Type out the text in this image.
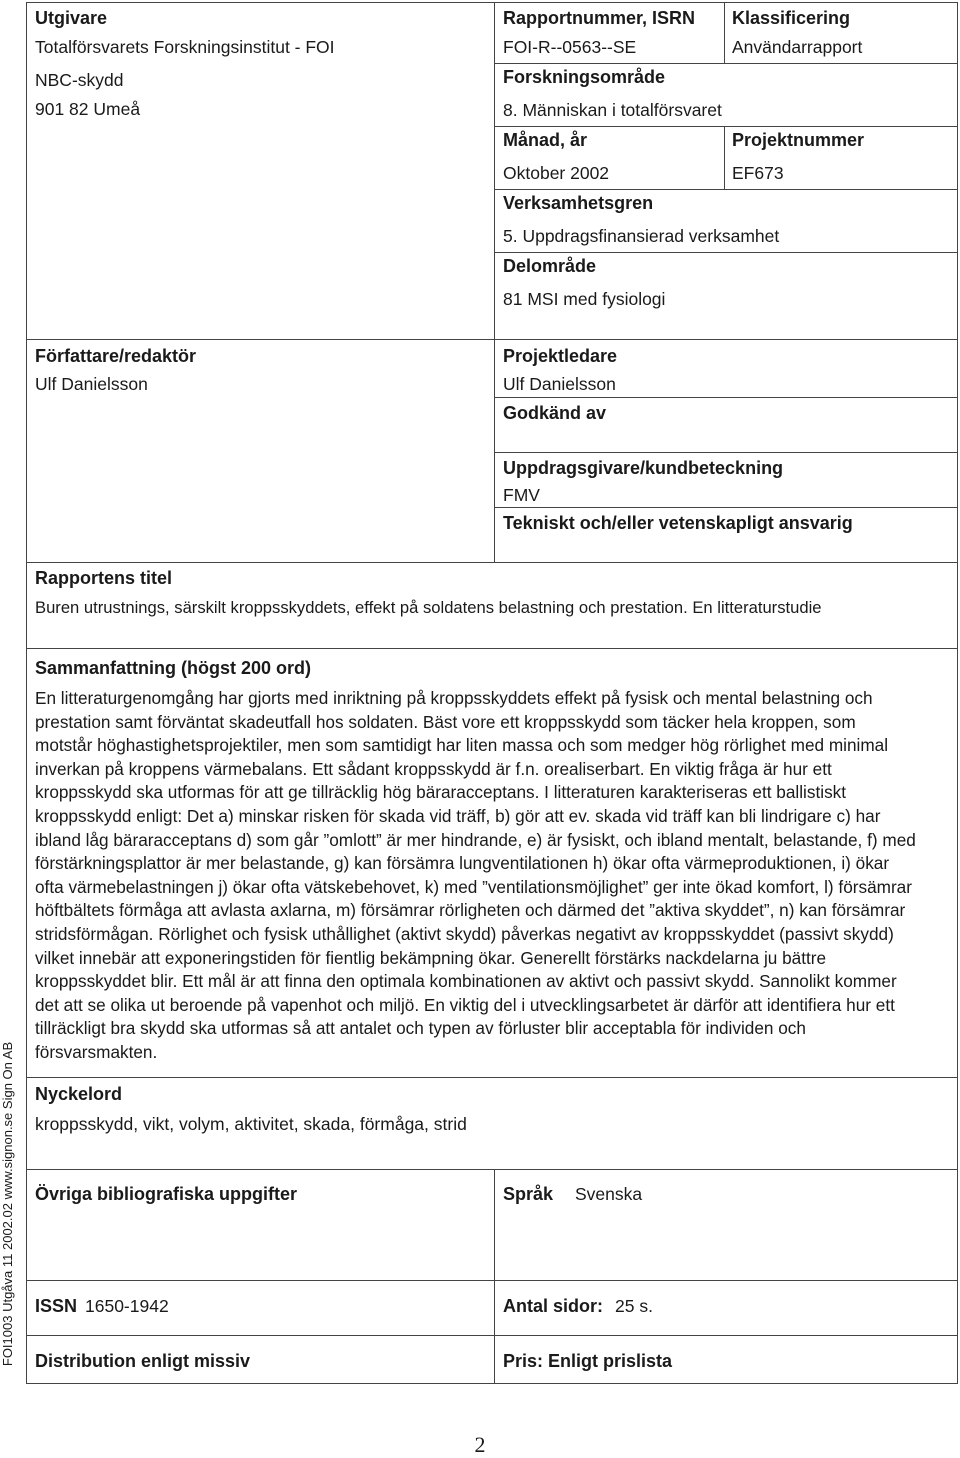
Utgivare
Totalförsvarets Forskningsinstitut - FOI
NBC-skydd
901 82 Umeå
Rapportnummer, ISRN
FOI-R--0563--SE
Klassificering
Användarrapport
Forskningsområde
8. Människan i totalförsvaret
Månad, år
Oktober 2002
Projektnummer
EF673
Verksamhetsgren
5. Uppdragsfinansierad verksamhet
Delområde
81 MSI med fysiologi
Författare/redaktör
Ulf Danielsson
Projektledare
Ulf Danielsson
Godkänd av
Uppdragsgivare/kundbeteckning
FMV
Tekniskt och/eller vetenskapligt ansvarig
Rapportens titel
Buren utrustnings, särskilt kroppsskyddets, effekt på soldatens belastning och prestation. En litteraturstudie
Sammanfattning (högst 200 ord)
En litteraturgenomgång har gjorts med inriktning på kroppsskyddets effekt på fysisk och mental belastning och
prestation samt förväntat skadeutfall hos soldaten. Bäst vore ett kroppsskydd som täcker hela kroppen, som
motstår höghastighetsprojektiler, men som samtidigt har liten massa och som medger hög rörlighet med minimal
inverkan på kroppens värmebalans. Ett sådant kroppsskydd är f.n. orealiserbart. En viktig fråga är hur ett
kroppsskydd ska utformas för att ge tillräcklig hög bäraracceptans. I litteraturen karakteriseras ett ballistiskt
kroppsskydd enligt: Det a) minskar risken för skada vid träff, b) gör att ev. skada vid träff kan bli lindrigare c) har
ibland låg bäraracceptans d) som går ”omlott” är mer hindrande, e) är fysiskt, och ibland mentalt, belastande, f) med
förstärkningsplattor är mer belastande, g) kan försämra lungventilationen h) ökar ofta värmeproduktionen, i) ökar
ofta värmebelastningen j) ökar ofta vätskebehovet, k) med ”ventilationsmöjlighet” ger inte ökad komfort, l) försämrar
höftbältets förmåga att avlasta axlarna, m) försämrar rörligheten och därmed det ”aktiva skyddet”, n) kan försämrar
stridsförmågan. Rörlighet och fysisk uthållighet (aktivt skydd) påverkas negativt av kroppsskyddet (passivt skydd)
vilket innebär att exponeringstiden för fientlig bekämpning ökar. Generellt förstärks nackdelarna ju bättre
kroppsskyddet blir. Ett mål är att finna den optimala kombinationen av aktivt och passivt skydd. Sannolikt kommer
det att se olika ut beroende på vapenhot och miljö. En viktig del i utvecklingsarbetet är därför att identifiera hur ett
tillräckligt bra skydd ska utformas så att antalet och typen av förluster blir acceptabla för individen och
försvarsmakten.
Nyckelord
kroppsskydd, vikt, volym, aktivitet, skada, förmåga, strid
Övriga bibliografiska uppgifter	Språk Svenska
ISSN 1650-1942	Antal sidor: 25 s.
Distribution enligt missiv	Pris: Enligt prislista
FOI1003 Utgåva 11 2002.02 www.signon.se Sign On AB
2
